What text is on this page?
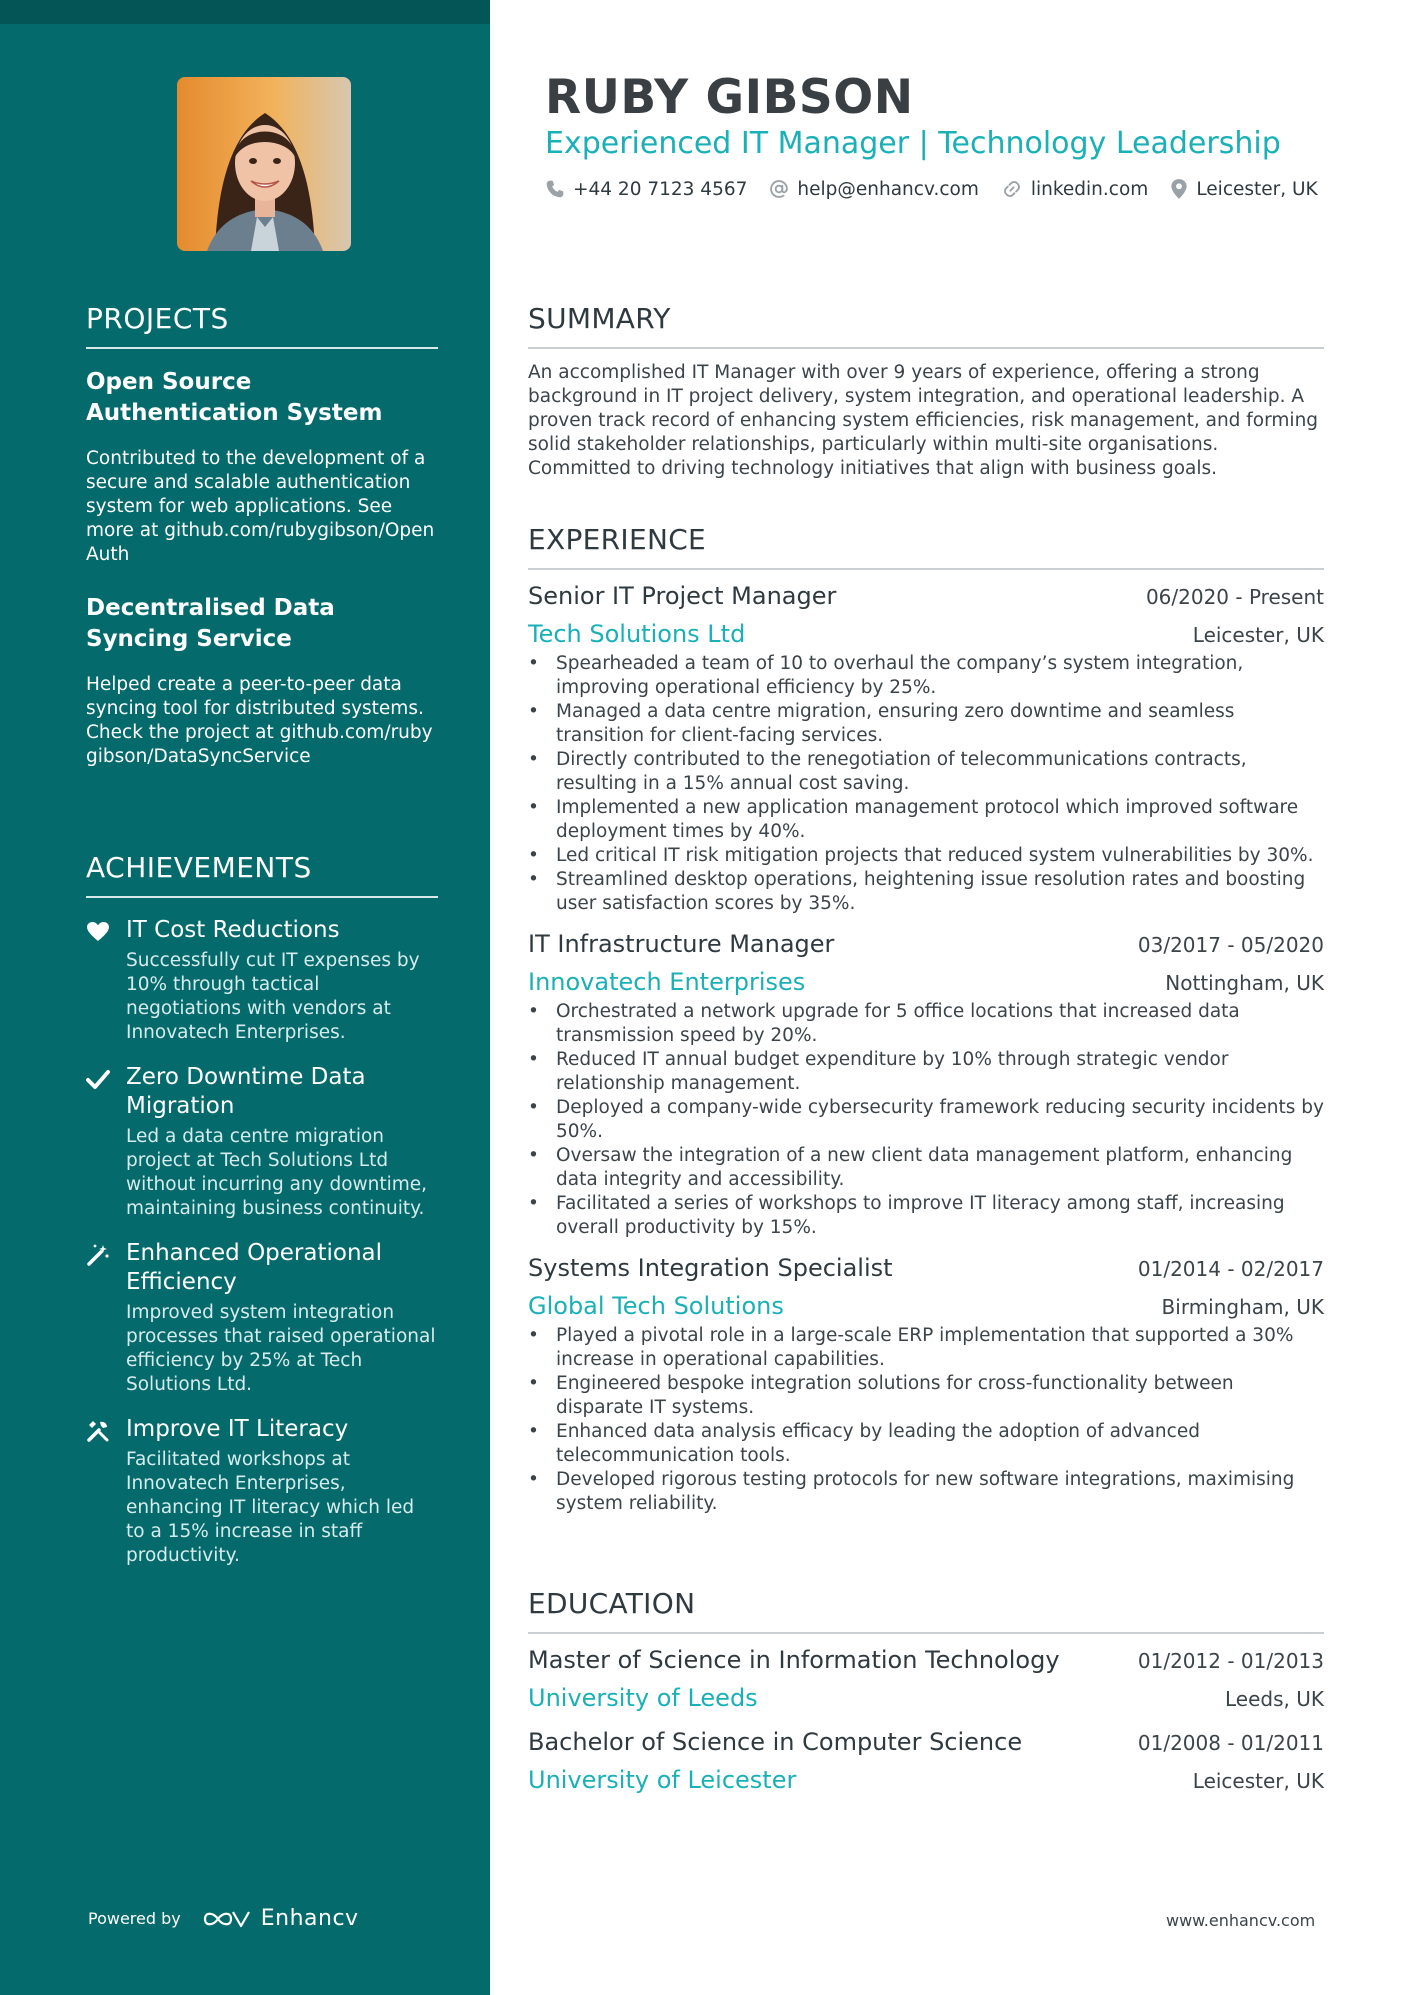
PROJECTS
Open Source Authentication System
Contributed to the development of a secure and scalable authentication system for web applications. See more at github.com/rubygibson/OpenAuth
Decentralised Data Syncing Service
Helped create a peer-to-peer data syncing tool for distributed systems. Check the project at github.com/rubygibson/DataSyncService
ACHIEVEMENTS
IT Cost Reductions
Successfully cut IT expenses by 10% through tactical negotiations with vendors at Innovatech Enterprises.
Zero Downtime Data Migration
Led a data centre migration project at Tech Solutions Ltd without incurring any downtime, maintaining business continuity.
Enhanced Operational Efficiency
Improved system integration processes that raised operational efficiency by 25% at Tech Solutions Ltd.
Improve IT Literacy
Facilitated workshops at Innovatech Enterprises, enhancing IT literacy which led to a 15% increase in staff productivity.
Powered by	Enhancv
RUBY GIBSON
Experienced IT Manager | Technology Leadership
+44 20 7123 4567	help@enhancv.com	linkedin.com	Leicester, UK
SUMMARY

An accomplished IT Manager with over 9 years of experience, offering a strong background in IT project delivery, system integration, and operational leadership. A proven track record of enhancing system efficiencies, risk management, and forming solid stakeholder relationships, particularly within multi-site organisations. Committed to driving technology initiatives that align with business goals.

EXPERIENCE
Senior IT Project Manager	06/2020 - Present
Tech Solutions Ltd	Leicester, UK
• Spearheaded a team of 10 to overhaul the company’s system integration, improving operational efficiency by 25%.
• Managed a data centre migration, ensuring zero downtime and seamless transition for client-facing services.
• Directly contributed to the renegotiation of telecommunications contracts, resulting in a 15% annual cost saving.
• Implemented a new application management protocol which improved software deployment times by 40%.
• Led critical IT risk mitigation projects that reduced system vulnerabilities by 30%.
• Streamlined desktop operations, heightening issue resolution rates and boosting user satisfaction scores by 35%.
IT Infrastructure Manager	03/2017 - 05/2020
Innovatech Enterprises	Nottingham, UK
• Orchestrated a network upgrade for 5 office locations that increased data transmission speed by 20%.
• Reduced IT annual budget expenditure by 10% through strategic vendor relationship management.
• Deployed a company-wide cybersecurity framework reducing security incidents by 50%.
• Oversaw the integration of a new client data management platform, enhancing data integrity and accessibility.
• Facilitated a series of workshops to improve IT literacy among staff, increasing overall productivity by 15%.
Systems Integration Specialist	01/2014 - 02/2017
Global Tech Solutions	Birmingham, UK
• Played a pivotal role in a large-scale ERP implementation that supported a 30% increase in operational capabilities.
• Engineered bespoke integration solutions for cross-functionality between disparate IT systems.
• Enhanced data analysis efficacy by leading the adoption of advanced telecommunication tools.
• Developed rigorous testing protocols for new software integrations, maximising system reliability.
EDUCATION
Master of Science in Information Technology	01/2012 - 01/2013
University of Leeds	Leeds, UK
Bachelor of Science in Computer Science	01/2008 - 01/2011
University of Leicester	Leicester, UK
www.enhancv.com
